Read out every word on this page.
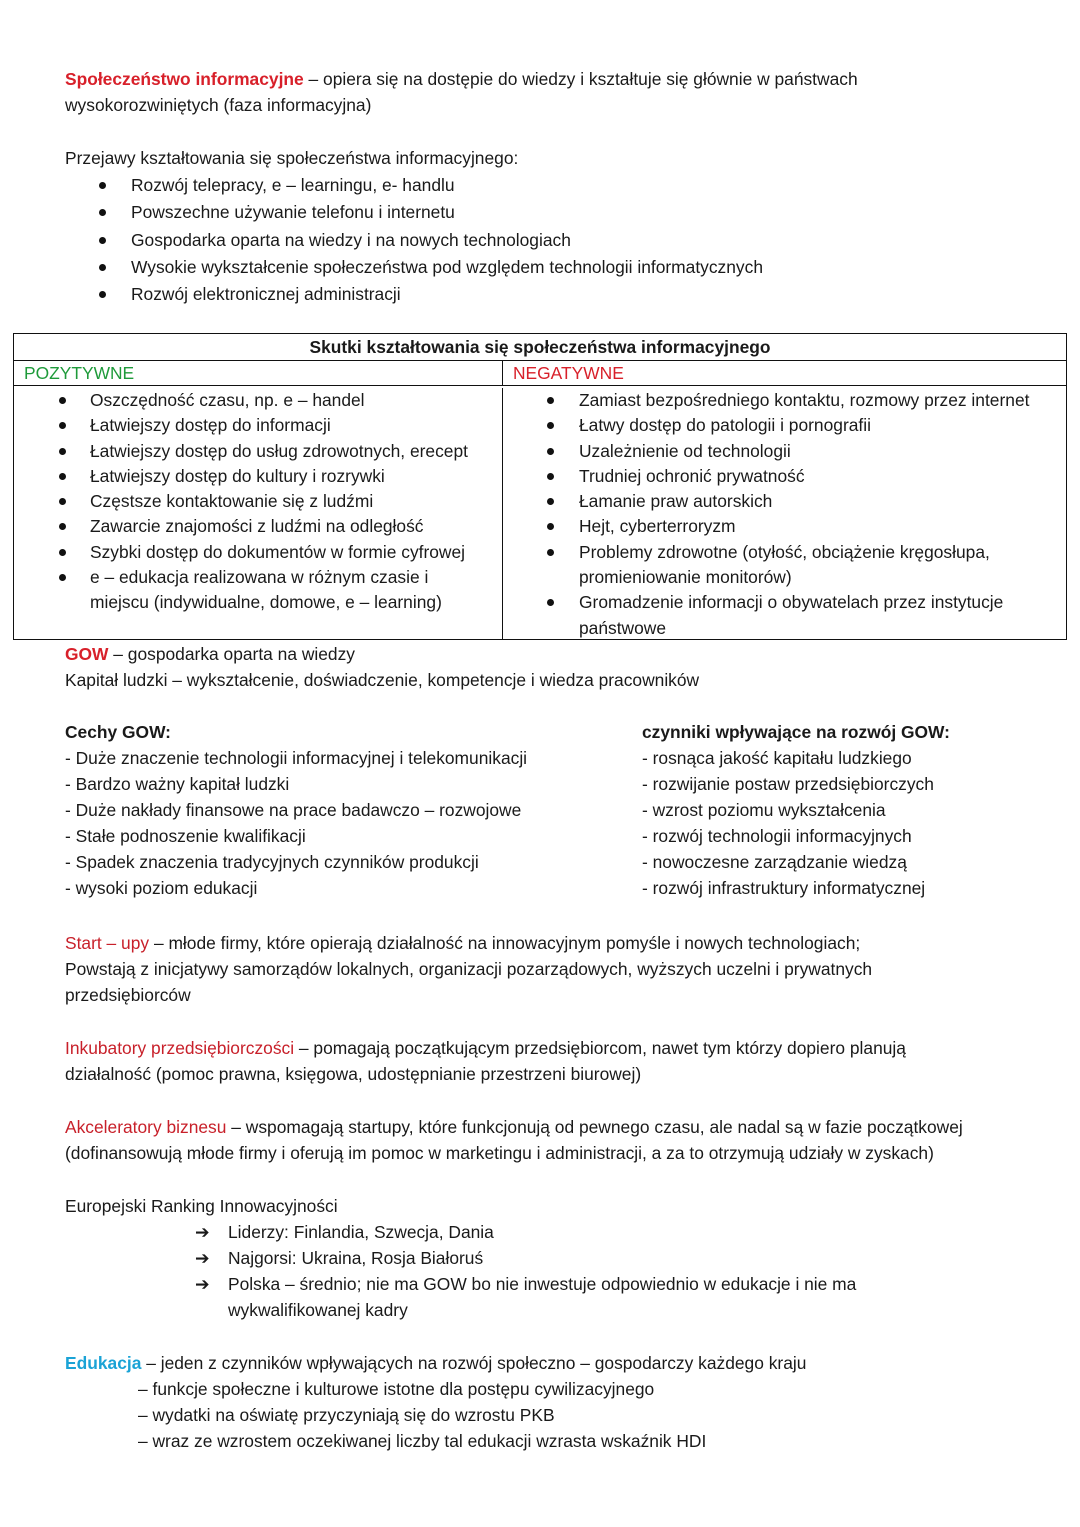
Społeczeństwo informacyjne – opiera się na dostępie do wiedzy i kształtuje się głównie w państwach

wysokorozwiniętych (faza informacyjna)

Przejawy kształtowania się społeczeństwa informacyjnego:

Rozwój telepracy, e – learningu, e- handlu
Powszechne używanie telefonu i internetu
Gospodarka oparta na wiedzy i na nowych technologiach
Wysokie wykształcenie społeczeństwa pod względem technologii informatycznych
Rozwój elektronicznej administracji
Skutki kształtowania się społeczeństwa informacyjnego
POZYTYWNE	NEGATYWNE
Oszczędność czasu, np. e – handel
Łatwiejszy dostęp do informacji
Łatwiejszy dostęp do usług zdrowotnych, erecept
Łatwiejszy dostęp do kultury i rozrywki
Częstsze kontaktowanie się z ludźmi
Zawarcie znajomości z ludźmi na odległość
Szybki dostęp do dokumentów w formie cyfrowej
e – edukacja realizowana w różnym czasie i miejscu (indywidualne, domowe, e – learning)
Zamiast bezpośredniego kontaktu, rozmowy przez internet
Łatwy dostęp do patologii i pornografii
Uzależnienie od technologii
Trudniej ochronić prywatność
Łamanie praw autorskich
Hejt, cyberterroryzm
Problemy zdrowotne (otyłość, obciążenie kręgosłupa, promieniowanie monitorów)
Gromadzenie informacji o obywatelach przez instytucje państwowe

GOW – gospodarka oparta na wiedzy

Kapitał ludzki – wykształcenie, doświadczenie, kompetencje i wiedza pracowników

Cechy GOW:

- Duże znaczenie technologii informacyjnej i telekomunikacji

- Bardzo ważny kapitał ludzki

- Duże nakłady finansowe na prace badawczo – rozwojowe

- Stałe podnoszenie kwalifikacji

- Spadek znaczenia tradycyjnych czynników produkcji

- wysoki poziom edukacji

czynniki wpływające na rozwój GOW:

- rosnąca jakość kapitału ludzkiego

- rozwijanie postaw przedsiębiorczych

- wzrost poziomu wykształcenia

- rozwój technologii informacyjnych

- nowoczesne zarządzanie wiedzą

- rozwój infrastruktury informatycznej

Start – upy – młode firmy, które opierają działalność na innowacyjnym pomyśle i nowych technologiach;

Powstają z inicjatywy samorządów lokalnych, organizacji pozarządowych, wyższych uczelni i prywatnych

przedsiębiorców

Inkubatory przedsiębiorczości – pomagają początkującym przedsiębiorcom, nawet tym którzy dopiero planują

działalność (pomoc prawna, księgowa, udostępnianie przestrzeni biurowej)

Akceleratory biznesu – wspomagają startupy, które funkcjonują od pewnego czasu, ale nadal są w fazie początkowej

(dofinansowują młode firmy i oferują im pomoc w marketingu i administracji, a za to otrzymują udziały w zyskach)

Europejski Ranking Innowacyjności

➔ Liderzy: Finlandia, Szwecja, Dania
➔ Najgorsi: Ukraina, Rosja Białoruś
➔ Polska – średnio; nie ma GOW bo nie inwestuje odpowiednio w edukacje i nie ma wykwalifikowanej kadry

Edukacja – jeden z czynników wpływających na rozwój społeczno – gospodarczy każdego kraju

– funkcje społeczne i kulturowe istotne dla postępu cywilizacyjnego
– wydatki na oświatę przyczyniają się do wzrostu PKB
– wraz ze wzrostem oczekiwanej liczby tal edukacji wzrasta wskaźnik HDI
